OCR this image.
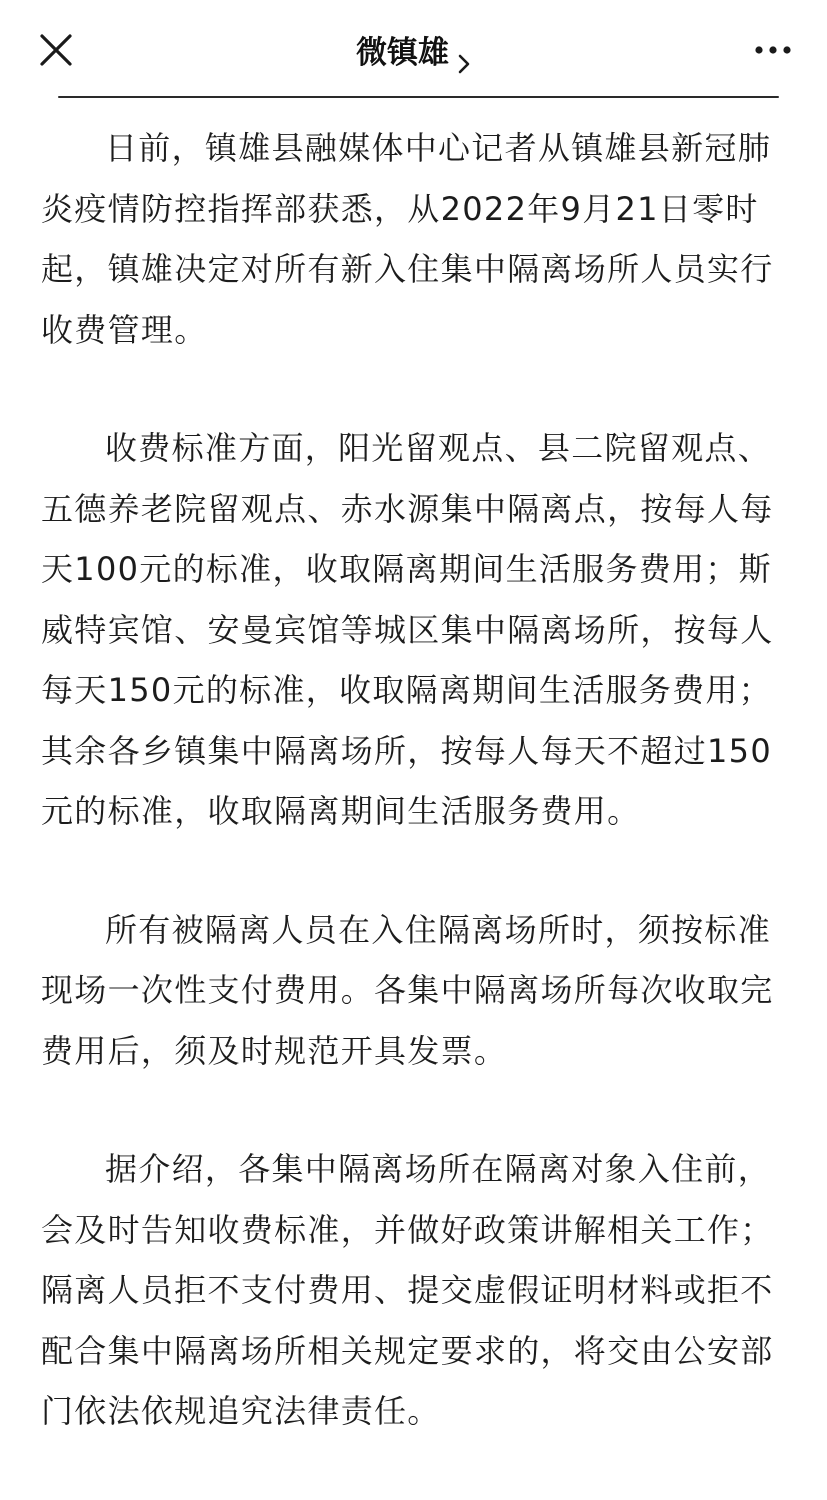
微镇雄

日前，镇雄县融媒体中心记者从镇雄县新冠肺
炎疫情防控指挥部获悉，从2022年9月21日零时
起，镇雄决定对所有新入住集中隔离场所人员实行
收费管理。

收费标准方面，阳光留观点、县二院留观点、
五德养老院留观点、赤水源集中隔离点，按每人每
天100元的标准，收取隔离期间生活服务费用；斯
威特宾馆、安曼宾馆等城区集中隔离场所，按每人
每天150元的标准，收取隔离期间生活服务费用；
其余各乡镇集中隔离场所，按每人每天不超过150
元的标准，收取隔离期间生活服务费用。

所有被隔离人员在入住隔离场所时，须按标准
现场一次性支付费用。各集中隔离场所每次收取完
费用后，须及时规范开具发票。

据介绍，各集中隔离场所在隔离对象入住前，
会及时告知收费标准，并做好政策讲解相关工作；
隔离人员拒不支付费用、提交虚假证明材料或拒不
配合集中隔离场所相关规定要求的，将交由公安部
门依法依规追究法律责任。
